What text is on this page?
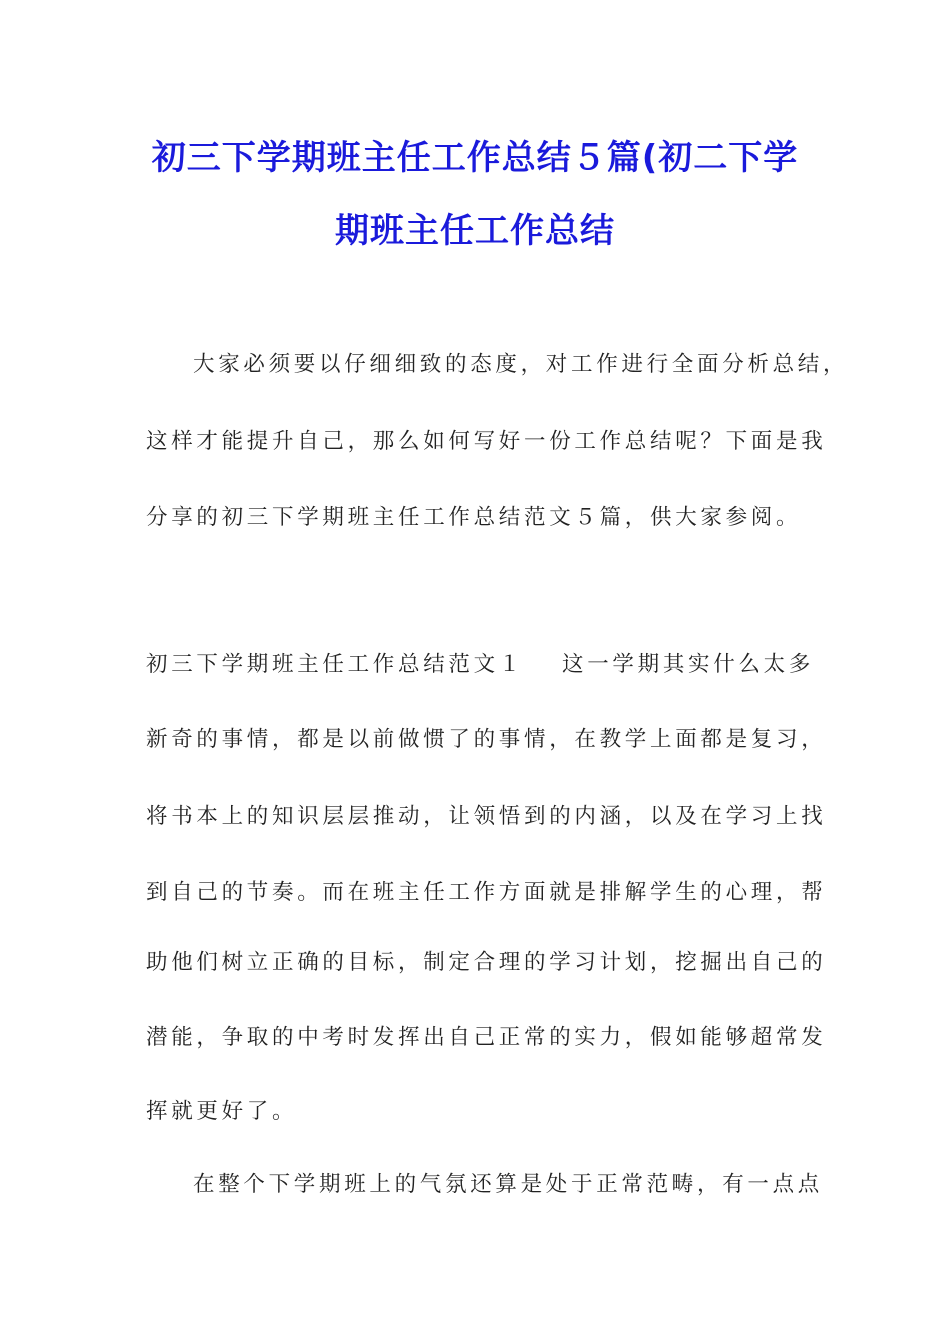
初三下学期班主任工作总结５篇(初二下学
期班主任工作总结
大家必须要以仔细细致的态度，对工作进行全面分析总结，
这样才能提升自己，那么如何写好一份工作总结呢？下面是我
分享的初三下学期班主任工作总结范文５篇，供大家参阅。
初三下学期班主任工作总结范文１ 这一学期其实什么太多
新奇的事情，都是以前做惯了的事情，在教学上面都是复习，
将书本上的知识层层推动，让领悟到的内涵，以及在学习上找
到自己的节奏。而在班主任工作方面就是排解学生的心理，帮
助他们树立正确的目标，制定合理的学习计划，挖掘出自己的
潜能，争取的中考时发挥出自己正常的实力，假如能够超常发
挥就更好了。
在整个下学期班上的气氛还算是处于正常范畴，有一点点
